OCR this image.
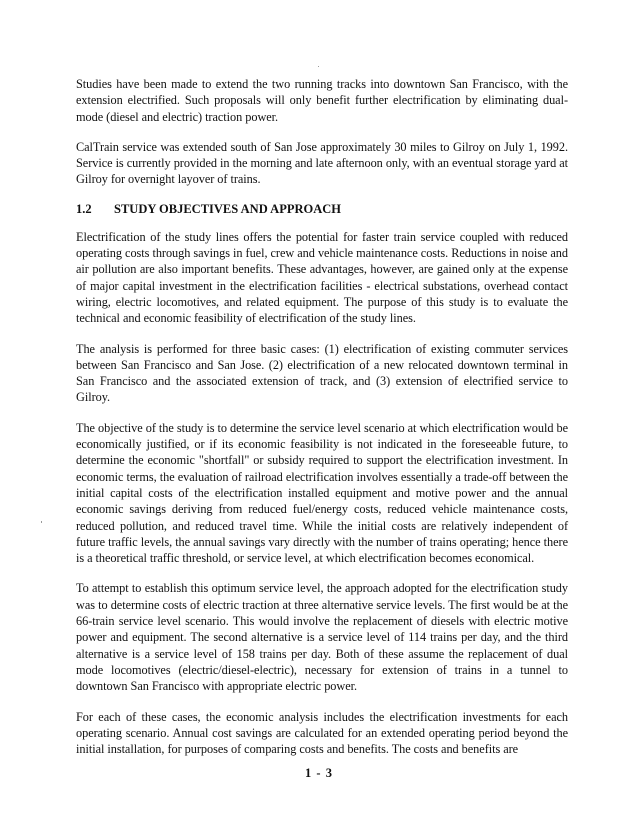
Studies have been made to extend the two running tracks into downtown San Francisco, with the extension electrified. Such proposals will only benefit further electrification by eliminating dual-mode (diesel and electric) traction power.

CalTrain service was extended south of San Jose approximately 30 miles to Gilroy on July 1, 1992. Service is currently provided in the morning and late afternoon only, with an eventual storage yard at Gilroy for overnight layover of trains.

1.2 STUDY OBJECTIVES AND APPROACH

Electrification of the study lines offers the potential for faster train service coupled with reduced operating costs through savings in fuel, crew and vehicle maintenance costs. Reductions in noise and air pollution are also important benefits. These advantages, however, are gained only at the expense of major capital investment in the electrification facilities - electrical substations, overhead contact wiring, electric locomotives, and related equipment. The purpose of this study is to evaluate the technical and economic feasibility of electrification of the study lines.

The analysis is performed for three basic cases: (1) electrification of existing commuter services between San Francisco and San Jose. (2) electrification of a new relocated downtown terminal in San Francisco and the associated extension of track, and (3) extension of electrified service to Gilroy.

The objective of the study is to determine the service level scenario at which electrification would be economically justified, or if its economic feasibility is not indicated in the foreseeable future, to determine the economic "shortfall" or subsidy required to support the electrification investment. In economic terms, the evaluation of railroad electrification involves essentially a trade-off between the initial capital costs of the electrification installed equipment and motive power and the annual economic savings deriving from reduced fuel/energy costs, reduced vehicle maintenance costs, reduced pollution, and reduced travel time. While the initial costs are relatively independent of future traffic levels, the annual savings vary directly with the number of trains operating; hence there is a theoretical traffic threshold, or service level, at which electrification becomes economical.

To attempt to establish this optimum service level, the approach adopted for the electrification study was to determine costs of electric traction at three alternative service levels. The first would be at the 66-train service level scenario. This would involve the replacement of diesels with electric motive power and equipment. The second alternative is a service level of 114 trains per day, and the third alternative is a service level of 158 trains per day. Both of these assume the replacement of dual mode locomotives (electric/diesel-electric), necessary for extension of trains in a tunnel to downtown San Francisco with appropriate electric power.

For each of these cases, the economic analysis includes the electrification investments for each operating scenario. Annual cost savings are calculated for an extended operating period beyond the initial installation, for purposes of comparing costs and benefits. The costs and benefits are

1 - 3
